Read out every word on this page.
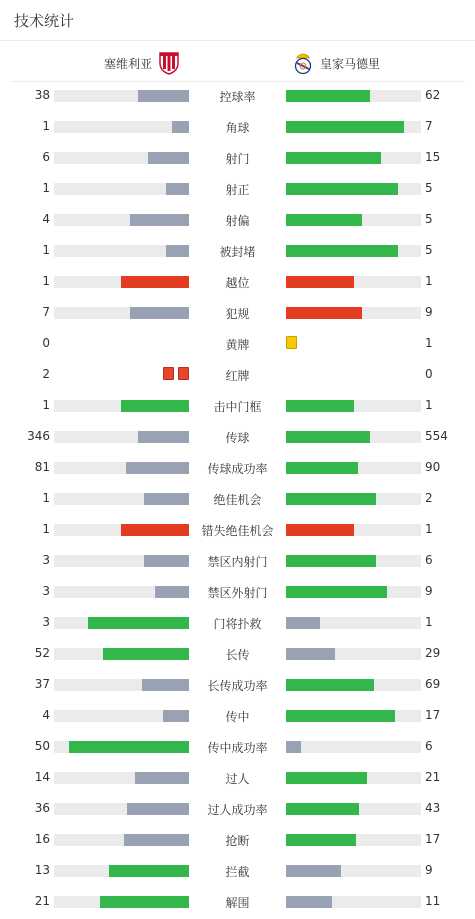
技术统计
塞维利亚	皇家马德里
38	控球率	62
1	角球	7
6	射门	15
1	射正	5
4	射偏	5
1	被封堵	5
1	越位	1
7	犯规	9
0	黄牌	1
2	红牌	0
1	击中门框	1
346	传球	554
81	传球成功率	90
1	绝佳机会	2
1	错失绝佳机会	1
3	禁区内射门	6
3	禁区外射门	9
3	门将扑救	1
52	长传	29
37	长传成功率	69
4	传中	17
50	传中成功率	6
14	过人	21
36	过人成功率	43
16	抢断	17
13	拦截	9
21	解围	11
